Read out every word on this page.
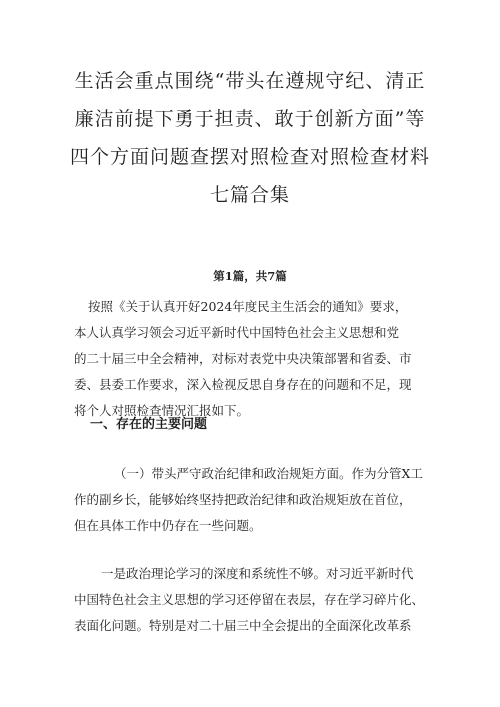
生活会重点围绕“带头在遵规守纪、清正
廉洁前提下勇于担责、敢于创新方面”等
四个方面问题查摆对照检查对照检查材料
七篇合集
第1篇，共7篇
按照《关于认真开好2024年度民主生活会的通知》要求，
本人认真学习领会习近平新时代中国特色社会主义思想和党
的二十届三中全会精神，对标对表党中央决策部署和省委、市
委、县委工作要求，深入检视反思自身存在的问题和不足，现
将个人对照检查情况汇报如下。
一、存在的主要问题
（一）带头严守政治纪律和政治规矩方面。作为分管X工
作的副乡长，能够始终坚持把政治纪律和政治规矩放在首位，
但在具体工作中仍存在一些问题。
一是政治理论学习的深度和系统性不够。对习近平新时代
中国特色社会主义思想的学习还停留在表层，存在学习碎片化、
表面化问题。特别是对二十届三中全会提出的全面深化改革系
